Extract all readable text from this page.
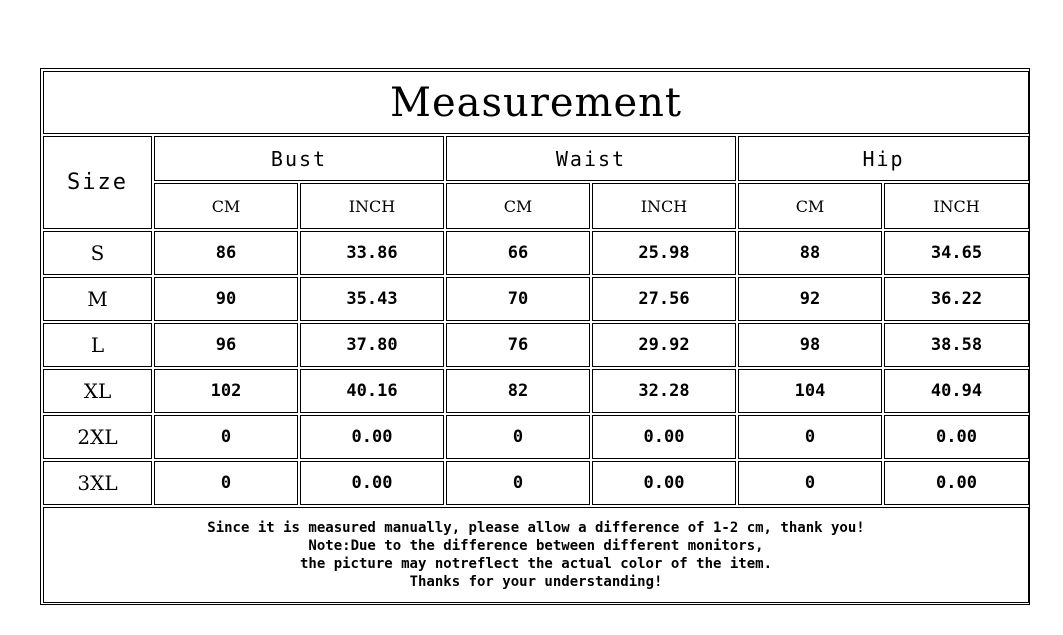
Measurement
Size
Bust	Waist	Hip
CM	INCH	CM	INCH	CM	INCH
S	86	33.86	66	25.98	88	34.65
M	90	35.43	70	27.56	92	36.22
L	96	37.80	76	29.92	98	38.58
XL	102	40.16	82	32.28	104	40.94
2XL	0	0.00	0	0.00	0	0.00
3XL	0	0.00	0	0.00	0	0.00
Since it is measured manually, please allow a difference of 1-2 cm, thank you!
Note:Due to the difference between different monitors,
the picture may notreflect the actual color of the item.
Thanks for your understanding!
